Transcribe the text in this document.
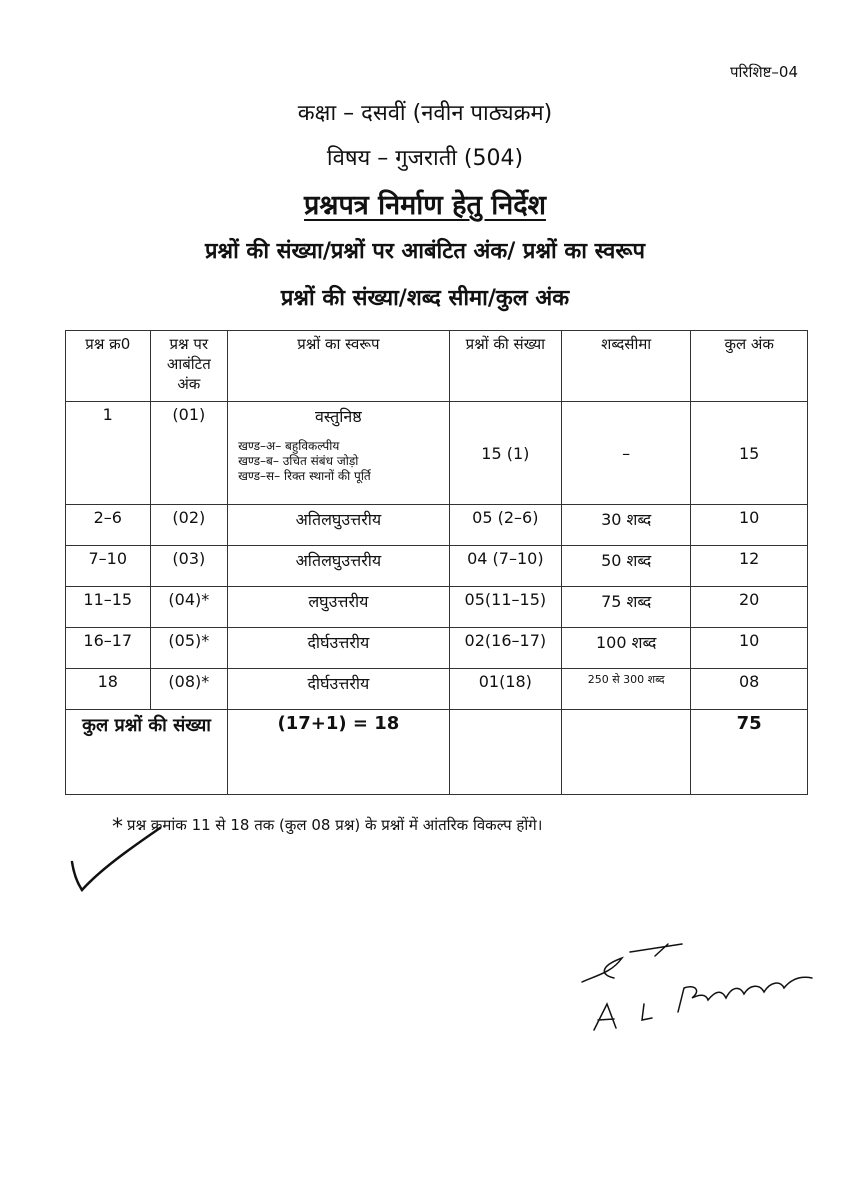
परिशिष्ट–04
कक्षा – दसवीं (नवीन पाठ्यक्रम)
विषय – गुजराती (504)
प्रश्नपत्र निर्माण हेतु निर्देश
प्रश्नों की संख्या/प्रश्नों पर आबंटित अंक/ प्रश्नों का स्वरूप
प्रश्नों की संख्या/शब्द सीमा/कुल अंक
प्रश्न क्र0	प्रश्न पर आबंटित अंक	प्रश्नों का स्वरूप	प्रश्नों की संख्या	शब्दसीमा	कुल अंक
1	(01)	वस्तुनिष्ठ
खण्ड–अ– बहुविकल्पीय
खण्ड–ब– उचित संबंध जोड़ो
खण्ड–स– रिक्त स्थानों की पूर्ति	15 (1)	–	15
2–6	(02)	अतिलघुउत्तरीय	05 (2–6)	30 शब्द	10
7–10	(03)	अतिलघुउत्तरीय	04 (7–10)	50 शब्द	12
11–15	(04)*	लघुउत्तरीय	05(11–15)	75 शब्द	20
16–17	(05)*	दीर्घउत्तरीय	02(16–17)	100 शब्द	10
18	(08)*	दीर्घउत्तरीय	01(18)	250 से 300 शब्द	08
कुल प्रश्नों की संख्या		(17+1) = 18			75
* प्रश्न क्रमांक 11 से 18 तक (कुल 08 प्रश्न) के प्रश्नों में आंतरिक विकल्प होंगे।
